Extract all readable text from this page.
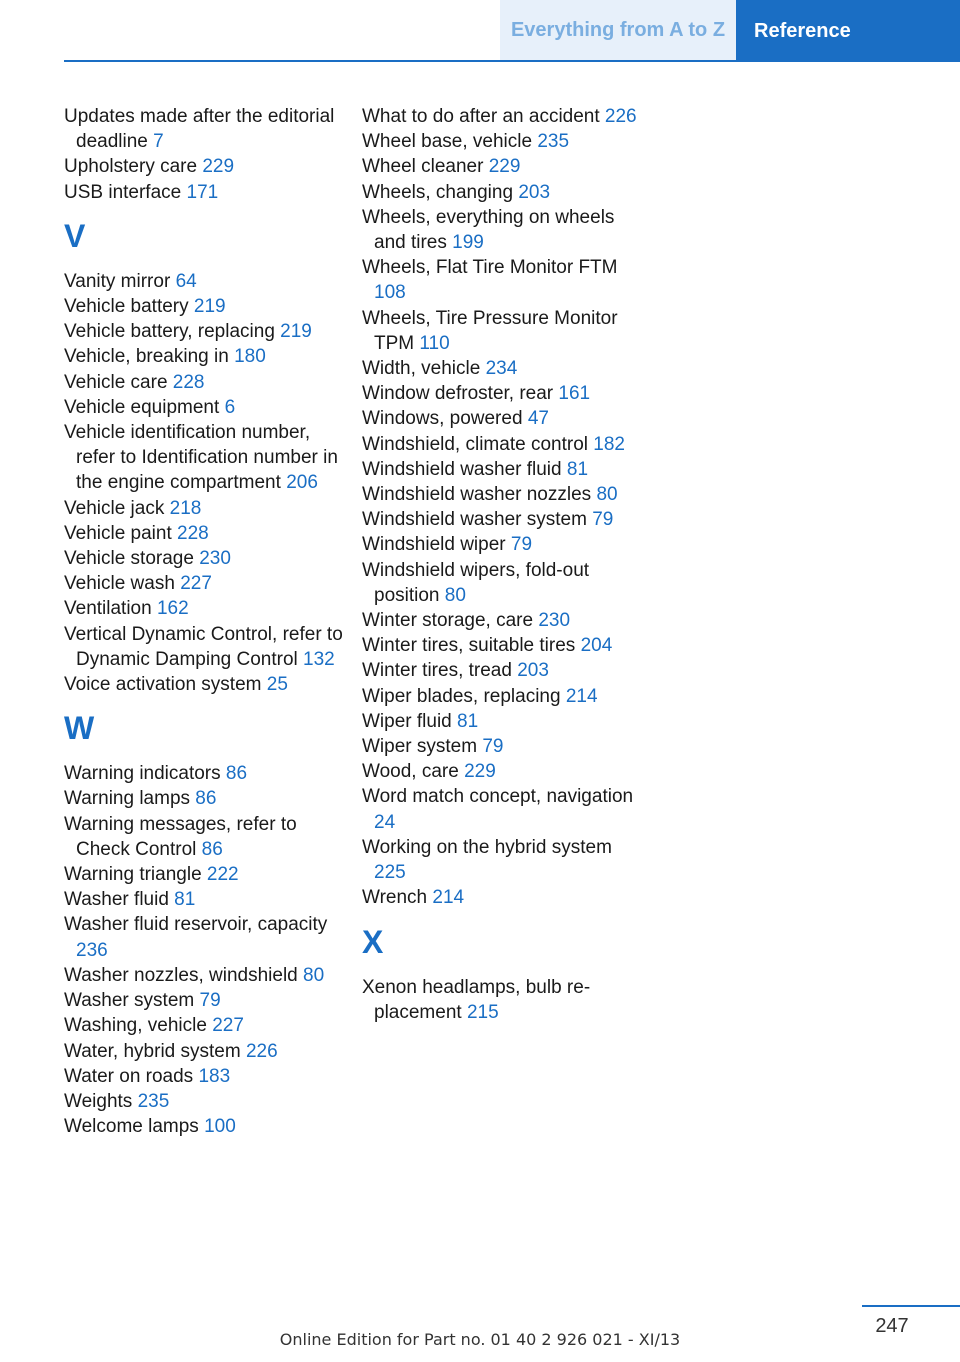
Everything from A to Z	Reference
Updates made after the editorial deadline 7
Upholstery care 229
USB interface 171
V
Vanity mirror 64
Vehicle battery 219
Vehicle battery, replacing 219
Vehicle, breaking in 180
Vehicle care 228
Vehicle equipment 6
Vehicle identification number, refer to Identification number in the engine compartment 206
Vehicle jack 218
Vehicle paint 228
Vehicle storage 230
Vehicle wash 227
Ventilation 162
Vertical Dynamic Control, refer to Dynamic Damping Control 132
Voice activation system 25
W
Warning indicators 86
Warning lamps 86
Warning messages, refer to Check Control 86
Warning triangle 222
Washer fluid 81
Washer fluid reservoir, capacity 236
Washer nozzles, windshield 80
Washer system 79
Washing, vehicle 227
Water, hybrid system 226
Water on roads 183
Weights 235
Welcome lamps 100
What to do after an accident 226
Wheel base, vehicle 235
Wheel cleaner 229
Wheels, changing 203
Wheels, everything on wheels and tires 199
Wheels, Flat Tire Monitor FTM 108
Wheels, Tire Pressure Monitor TPM 110
Width, vehicle 234
Window defroster, rear 161
Windows, powered 47
Windshield, climate control 182
Windshield washer fluid 81
Windshield washer nozzles 80
Windshield washer system 79
Windshield wiper 79
Windshield wipers, fold-out position 80
Winter storage, care 230
Winter tires, suitable tires 204
Winter tires, tread 203
Wiper blades, replacing 214
Wiper fluid 81
Wiper system 79
Wood, care 229
Word match concept, navigation 24
Working on the hybrid system 225
Wrench 214
X
Xenon headlamps, bulb replacement 215
247
Online Edition for Part no. 01 40 2 926 021 - XI/13
